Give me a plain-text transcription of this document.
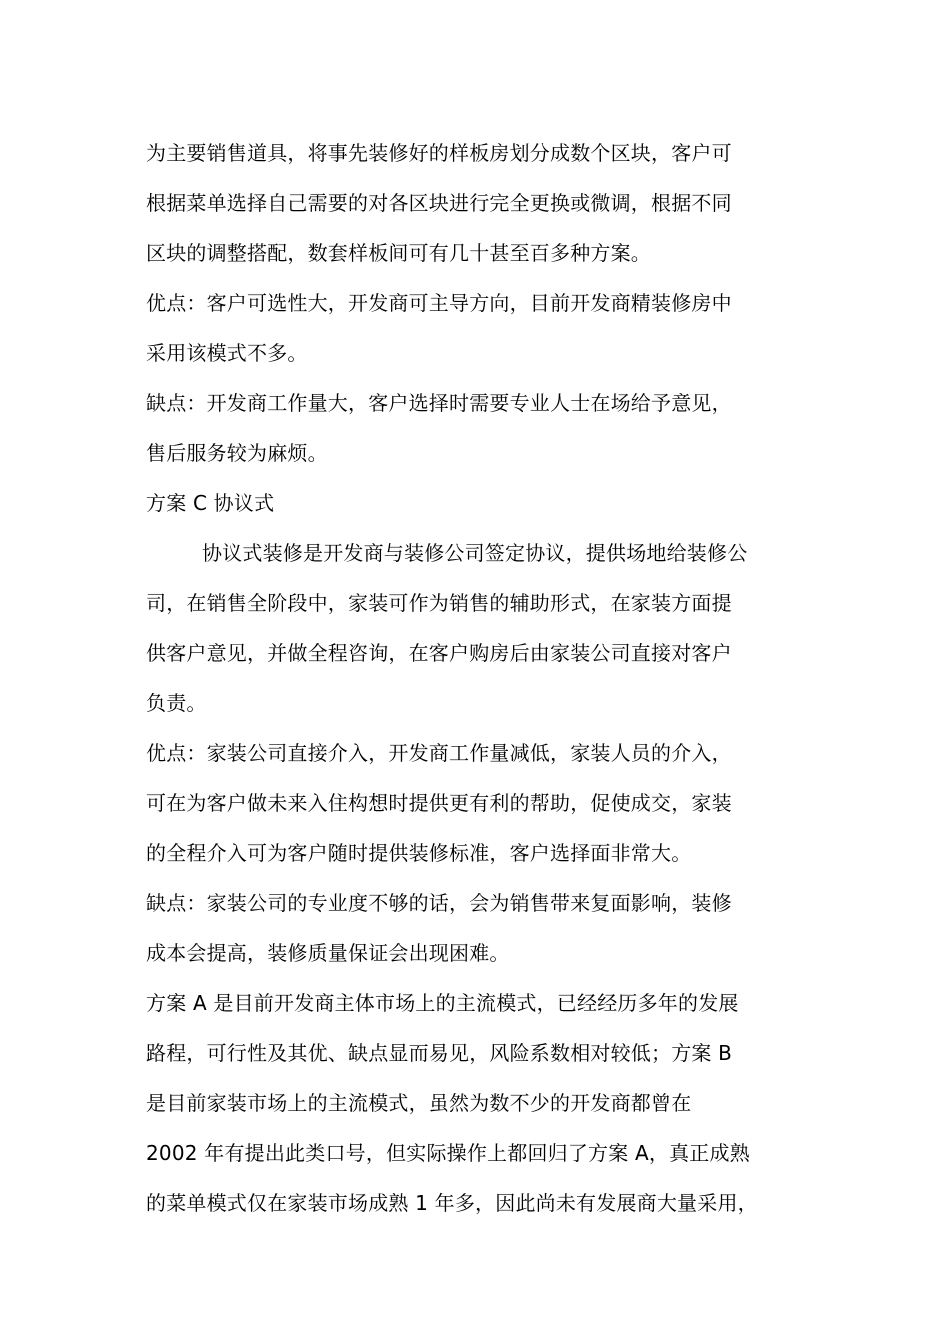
为主要销售道具，将事先装修好的样板房划分成数个区块，客户可
根据菜单选择自己需要的对各区块进行完全更换或微调，根据不同
区块的调整搭配，数套样板间可有几十甚至百多种方案。
优点：客户可选性大，开发商可主导方向，目前开发商精装修房中
采用该模式不多。
缺点：开发商工作量大，客户选择时需要专业人士在场给予意见，
售后服务较为麻烦。
方案 C 协议式
协议式装修是开发商与装修公司签定协议，提供场地给装修公
司，在销售全阶段中，家装可作为销售的辅助形式，在家装方面提
供客户意见，并做全程咨询，在客户购房后由家装公司直接对客户
负责。
优点：家装公司直接介入，开发商工作量减低，家装人员的介入，
可在为客户做未来入住构想时提供更有利的帮助，促使成交，家装
的全程介入可为客户随时提供装修标准，客户选择面非常大。
缺点：家装公司的专业度不够的话，会为销售带来复面影响，装修
成本会提高，装修质量保证会出现困难。
方案 A 是目前开发商主体市场上的主流模式，已经经历多年的发展
路程，可行性及其优、缺点显而易见，风险系数相对较低；方案 B
是目前家装市场上的主流模式，虽然为数不少的开发商都曾在
2002 年有提出此类口号，但实际操作上都回归了方案 A，真正成熟
的菜单模式仅在家装市场成熟 1 年多，因此尚未有发展商大量采用，
